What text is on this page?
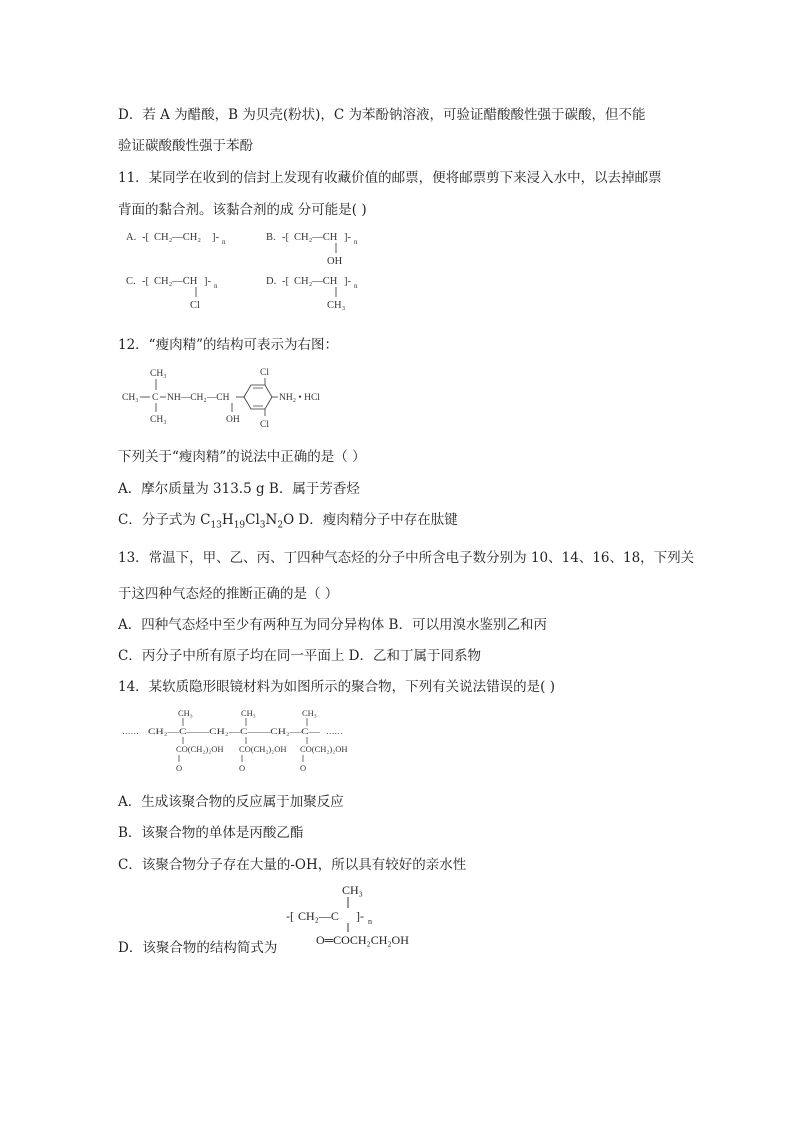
D．若 A 为醋酸，B 为贝壳(粉状)，C 为苯酚钠溶液，可验证醋酸酸性强于碳酸，但不能
验证碳酸酸性强于苯酚
11．某同学在收到的信封上发现有收藏价值的邮票，便将邮票剪下来浸入水中，以去掉邮票
背面的黏合剂。该黏合剂的成 分可能是( )
A. -[ CH₂—CH₂ ]- n	B. -[ CH₂—CH ]- n
OH
C. -[ CH₂—CH ]- n
Cl
D. -[ CH₂—CH ]- n
CH₃
12．“瘦肉精”的结构可表示为右图：
CH₃
CH₃ C NH—CH₂—CH
CH₃	OH
Cl
Cl
NH₂ • HCl
下列关于“瘦肉精”的说法中正确的是（ ）
A．摩尔质量为 313.5 g B．属于芳香烃
C．分子式为 $C_{13}H_{19}Cl_3N_2O$ D．瘦肉精分子中存在肽键
13．常温下，甲、乙、丙、丁四种气态烃的分子中所含电子数分别为 10、14、16、18，下列关
于这四种气态烃的推断正确的是（ ）
A．四种气态烃中至少有两种互为同分异构体 B．可以用溴水鉴别乙和丙
C．丙分子中所有原子均在同一平面上 D．乙和丁属于同系物
14．某软质隐形眼镜材料为如图所示的聚合物，下列有关说法错误的是( )
…… CH₂—C——CH₂—C——CH₂—C— ……
CH₃
CO(CH₂)₂OH
O
CH₃
CO(CH₂)₂OH
O
CH₃
CO(CH₂)₂OH
O
A．生成该聚合物的反应属于加聚反应
B．该聚合物的单体是丙酸乙酯
C．该聚合物分子存在大量的-OH，所以具有较好的亲水性
D．该聚合物的结构简式为
CH₃
-[ CH₂—C ]- n
O═COCH₂CH₂OH
